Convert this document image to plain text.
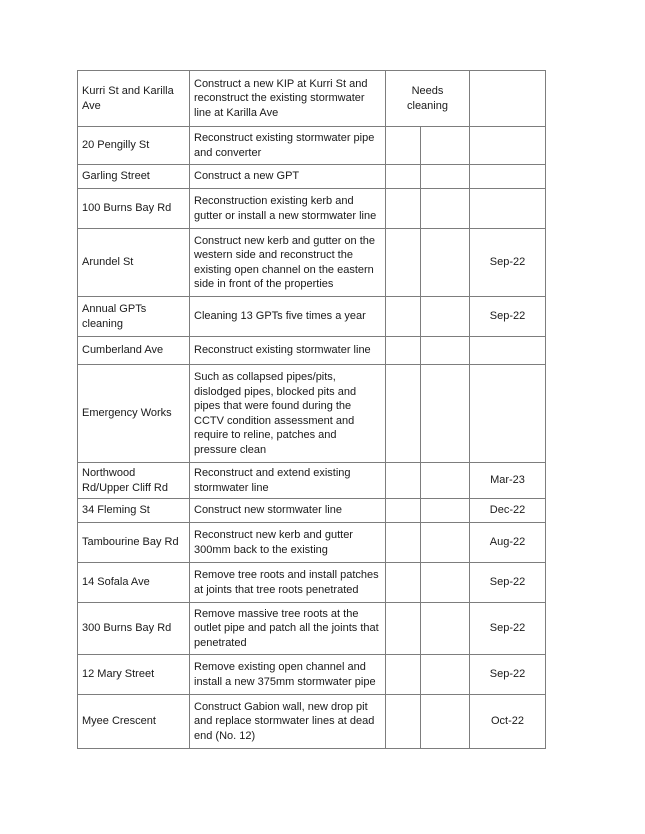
Kurri St and Karilla Ave	Construct a new KIP at Kurri St and reconstruct the existing stormwater line at Karilla Ave	Needs cleaning		
20 Pengilly St	Reconstruct existing stormwater pipe and converter			
Garling Street	Construct a new GPT			
100 Burns Bay Rd	Reconstruction existing kerb and gutter or install a new stormwater line			
Arundel St	Construct new kerb and gutter on the western side and reconstruct the existing open channel on the eastern side in front of the properties			Sep-22
Annual GPTs cleaning	Cleaning 13 GPTs five times a year			Sep-22
Cumberland Ave	Reconstruct existing stormwater line			
Emergency Works	Such as collapsed pipes/pits, dislodged pipes, blocked pits and pipes that were found during the CCTV condition assessment and require to reline, patches and pressure clean			
Northwood Rd/Upper Cliff Rd	Reconstruct and extend existing stormwater line			Mar-23
34 Fleming St	Construct new stormwater line			Dec-22
Tambourine Bay Rd	Reconstruct new kerb and gutter 300mm back to the existing			Aug-22
14 Sofala Ave	Remove tree roots and install patches at joints that tree roots penetrated			Sep-22
300 Burns Bay Rd	Remove massive tree roots at the outlet pipe and patch all the joints that penetrated			Sep-22
12 Mary Street	Remove existing open channel and install a new 375mm stormwater pipe			Sep-22
Myee Crescent	Construct Gabion wall, new drop pit and replace stormwater lines at dead end (No. 12)			Oct-22
